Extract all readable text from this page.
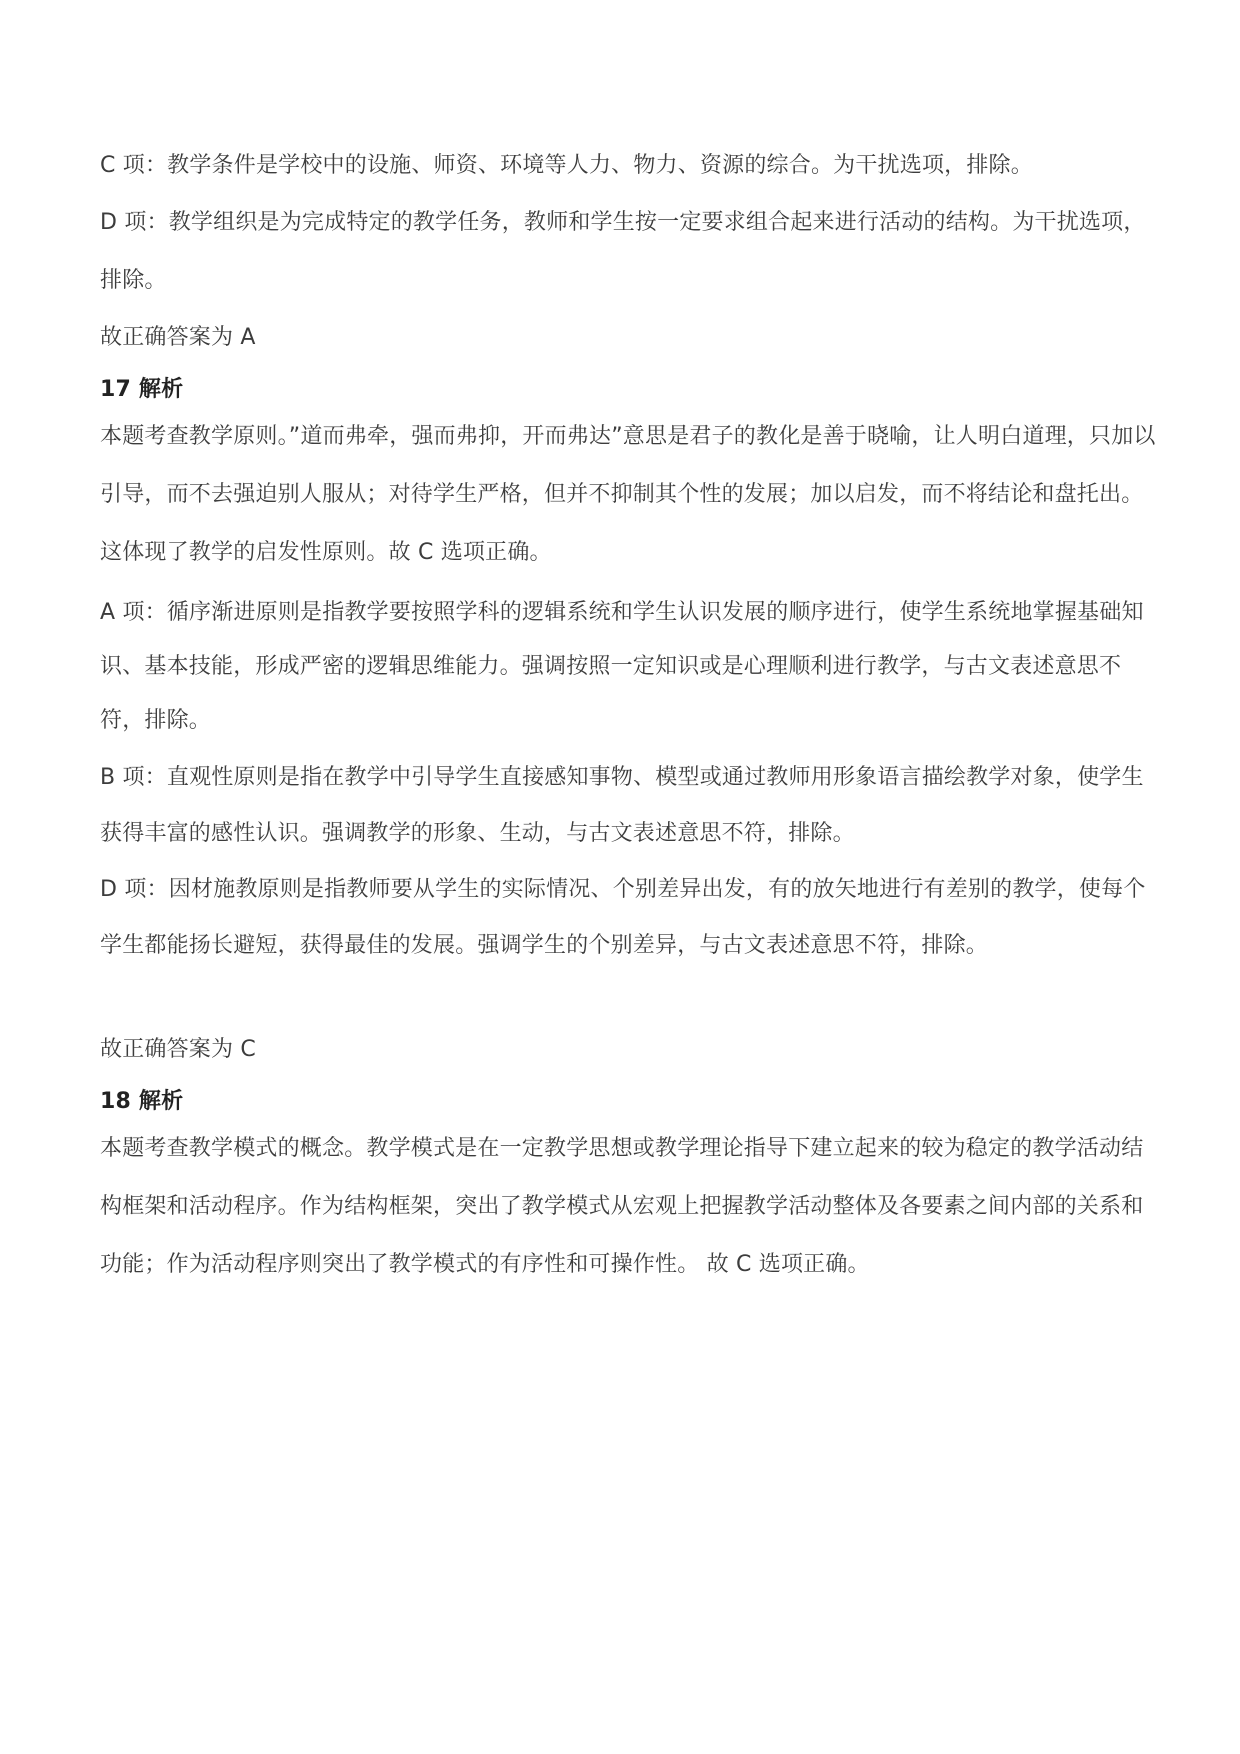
C 项：教学条件是学校中的设施、师资、环境等人力、物力、资源的综合。为干扰选项，排除。

D 项：教学组织是为完成特定的教学任务，教师和学生按一定要求组合起来进行活动的结构。为干扰选项，排除。

故正确答案为 A

17 解析

本题考查教学原则。”道而弗牵，强而弗抑，开而弗达”意思是君子的教化是善于晓喻，让人明白道理，只加以引导，而不去强迫别人服从；对待学生严格，但并不抑制其个性的发展；加以启发，而不将结论和盘托出。这体现了教学的启发性原则。故 C 选项正确。

A 项：循序渐进原则是指教学要按照学科的逻辑系统和学生认识发展的顺序进行，使学生系统地掌握基础知识、基本技能，形成严密的逻辑思维能力。强调按照一定知识或是心理顺利进行教学，与古文表述意思不符，排除。

B 项：直观性原则是指在教学中引导学生直接感知事物、模型或通过教师用形象语言描绘教学对象，使学生获得丰富的感性认识。强调教学的形象、生动，与古文表述意思不符，排除。

D 项：因材施教原则是指教师要从学生的实际情况、个别差异出发，有的放矢地进行有差别的教学，使每个学生都能扬长避短，获得最佳的发展。强调学生的个别差异，与古文表述意思不符，排除。

故正确答案为 C

18 解析

本题考查教学模式的概念。教学模式是在一定教学思想或教学理论指导下建立起来的较为稳定的教学活动结构框架和活动程序。作为结构框架，突出了教学模式从宏观上把握教学活动整体及各要素之间内部的关系和功能；作为活动程序则突出了教学模式的有序性和可操作性。 故 C 选项正确。
